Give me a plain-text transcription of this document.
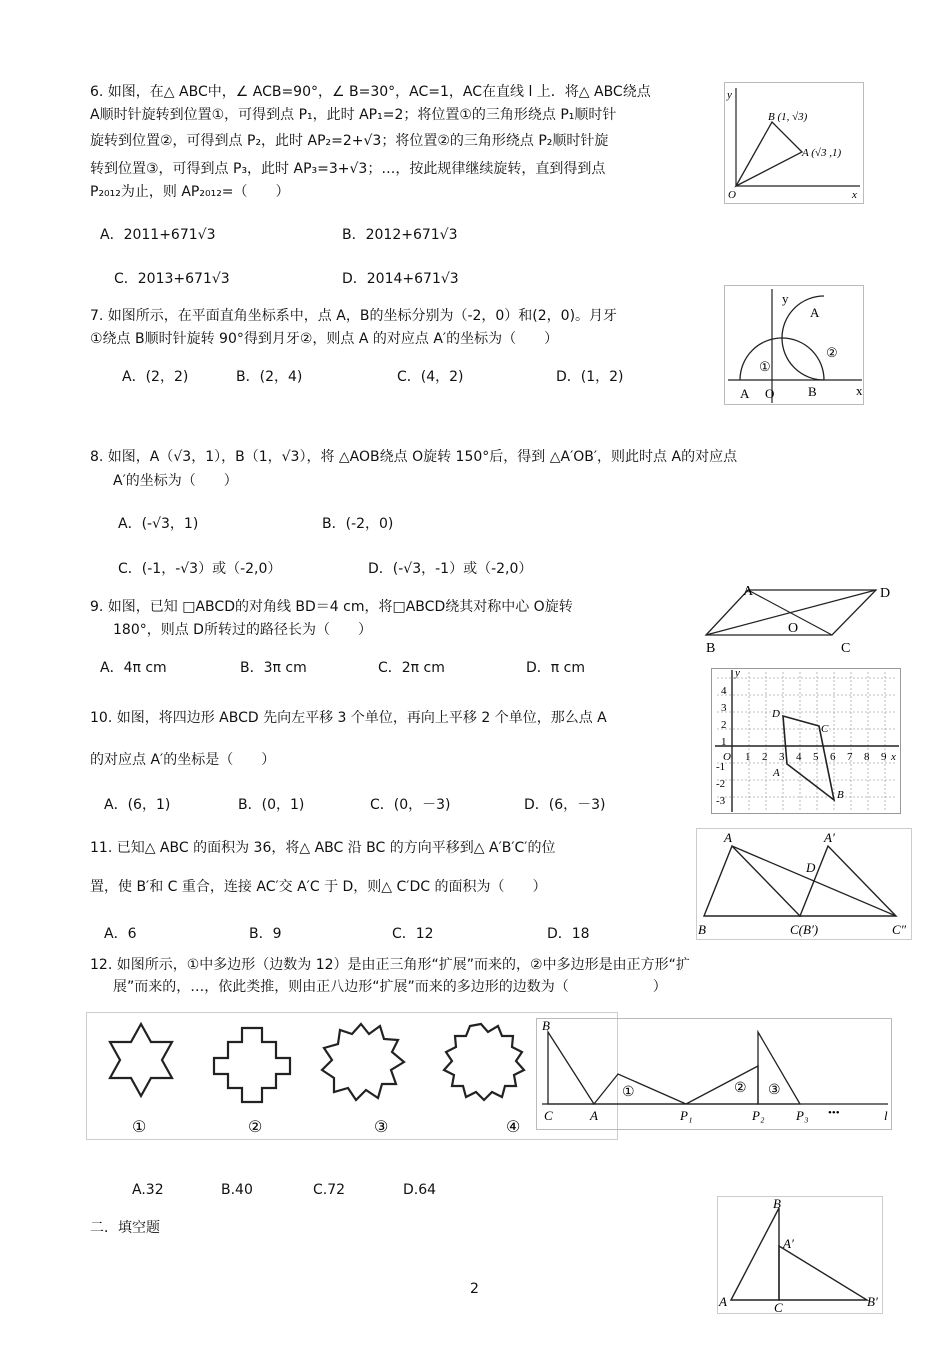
6. 如图，在△ ABC中，∠ ACB=90°，∠ B=30°，AC=1，AC在直线 l 上．将△ ABC绕点
A顺时针旋转到位置①，可得到点 P₁，此时 AP₁=2；将位置①的三角形绕点 P₁顺时针
旋转到位置②，可得到点 P₂，此时 AP₂=2+√3；将位置②的三角形绕点 P₂顺时针旋
转到位置③，可得到点 P₃，此时 AP₃=3+√3；…，按此规律继续旋转，直到得到点
P₂₀₁₂为止，则 AP₂₀₁₂=（　　）
A．2011+671√3	B．2012+671√3
C．2013+671√3	D．2014+671√3
y
x
O
B (1, √3)
A (√3 ,1)
7. 如图所示，在平面直角坐标系中，点 A，B的坐标分别为（-2，0）和(2，0)。月牙
①绕点 B顺时针旋转 90°得到月牙②，则点 A 的对应点 A′的坐标为（　　）
A．(2，2)	B．(2，4)	C．(4，2)	D．(1，2)
y
x
A
A O	B
①
②
8. 如图，A（√3，1），B（1，√3），将 △AOB绕点 O旋转 150°后，得到 △A′OB′，则此时点 A的对应点
A′的坐标为（　　）
A．(-√3，1)	B．(-2，0)
C．(-1，-√3）或（-2,0）	D．(-√3，-1）或（-2,0）
9. 如图，已知 □ABCD的对角线 BD＝4 cm，将□ABCD绕其对称中心 O旋转
180°，则点 D所转过的路径长为（　　）
A．4π cm	B．3π cm	C．2π cm	D．π cm
A	D
O
B	C
10. 如图，将四边形 ABCD 先向左平移 3 个单位，再向上平移 2 个单位，那么点 A
的对应点 A′的坐标是（　　）
A．(6，1)	B．(0，1)	C．(0，－3)	D．(6，－3)
y
x
O 1 2 3 4 5 6 7 8 9
1
2
3
4
-1
-2
-3
D
C
A
B
11. 已知△ ABC 的面积为 36，将△ ABC 沿 BC 的方向平移到△ A′B′C′的位
置，使 B′和 C 重合，连接 AC′交 A′C 于 D，则△ C′DC 的面积为（　　）
A．6	B．9	C．12	D．18
A	A′
D
B	C(B′)	C″
12. 如图所示，①中多边形（边数为 12）是由正三角形“扩展”而来的，②中多边形是由正方形“扩
展”而来的，…，依此类推，则由正八边形“扩展”而来的多边形的边数为（　　　　　　）
①	②	③	④
B
C	A	P₁	P₂ P₃	l
•••
①	② ③
A.32	B.40	C.72	D.64
二．填空题
B
A′
A	C	B′
2
